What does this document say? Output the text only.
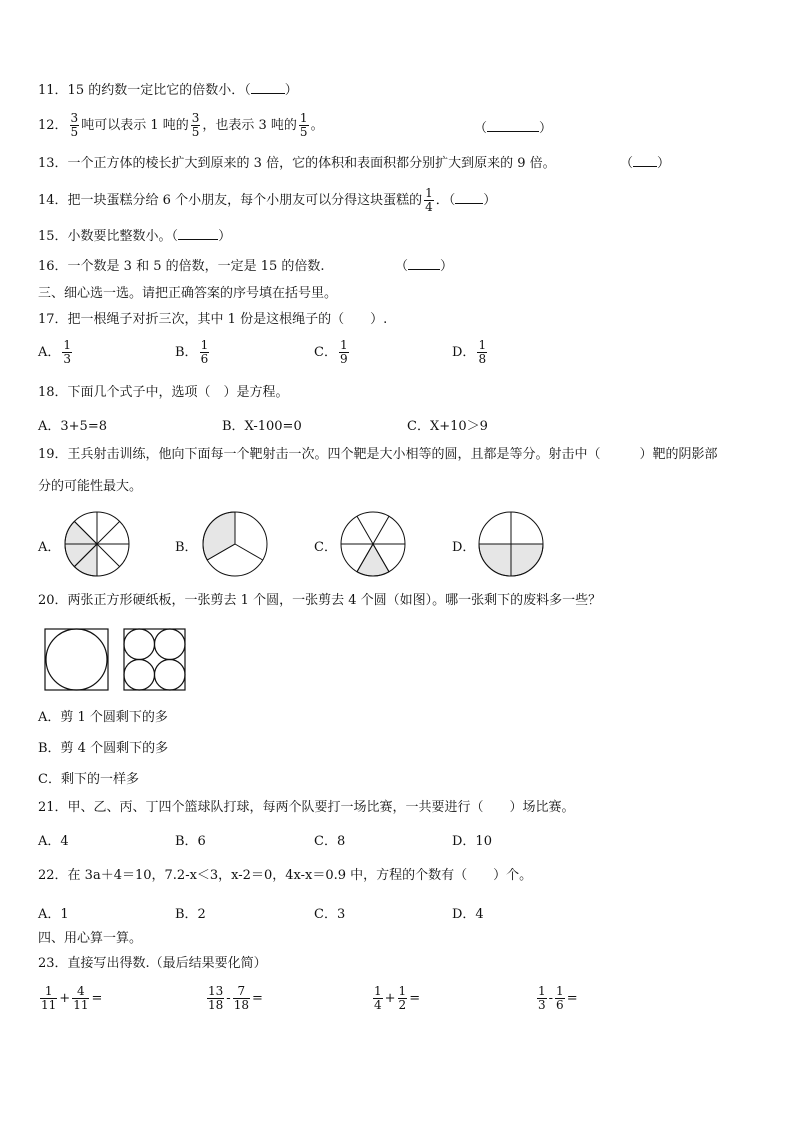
11．15 的约数一定比它的倍数小．（	）
12． $\frac{3}{5}$ 吨可以表示 1 吨的 $\frac{3}{5}$ ，也表示 3 吨的 $\frac{1}{5}$ 。	（	）
13．一个正方体的棱长扩大到原来的 3 倍，它的体积和表面积都分别扩大到原来的 9 倍。	（ ）
14．把一块蛋糕分给 6 个小朋友，每个小朋友可以分得这块蛋糕的 $\frac{1}{4}$ ．（ ）
15．小数要比整数小。（	）
16．一个数是 3 和 5 的倍数，一定是 15 的倍数.	（ ）
三、细心选一选。请把正确答案的序号填在括号里。
17．把一根绳子对折三次，其中 1 份是这根绳子的（　　）.
A． $\frac{1}{3}$	B． $\frac{1}{6}$	C． $\frac{1}{9}$	D． $\frac{1}{8}$
18．下面几个式子中，选项（　）是方程。
A．3+5=8	B．X-100=0	C．X+10＞9
19．王兵射击训练，他向下面每一个靶射击一次。四个靶是大小相等的圆，且都是等分。射击中（　　　）靶的阴影部
分的可能性最大。
A．	B．	C．	D．
20．两张正方形硬纸板，一张剪去 1 个圆，一张剪去 4 个圆（如图）。哪一张剩下的废料多一些？
A．剪 1 个圆剩下的多
B．剪 4 个圆剩下的多
C．剩下的一样多
21．甲、乙、丙、丁四个篮球队打球，每两个队要打一场比赛，一共要进行（　　）场比赛。
A．4	B．6	C．8	D．10
22．在 3a＋4＝10，7.2-x＜3，x-2＝0，4x-x＝0.9 中，方程的个数有（　　）个。
A．1	B．2	C．3	D．4
四、用心算一算。
23．直接写出得数.（最后结果要化简）
$\frac{1}{11} + \frac{4}{11}$ =	$\frac{13}{18} - \frac{7}{18}$ =	$\frac{1}{4} + \frac{1}{2}$ =	$\frac{1}{3} - \frac{1}{6}$ =
